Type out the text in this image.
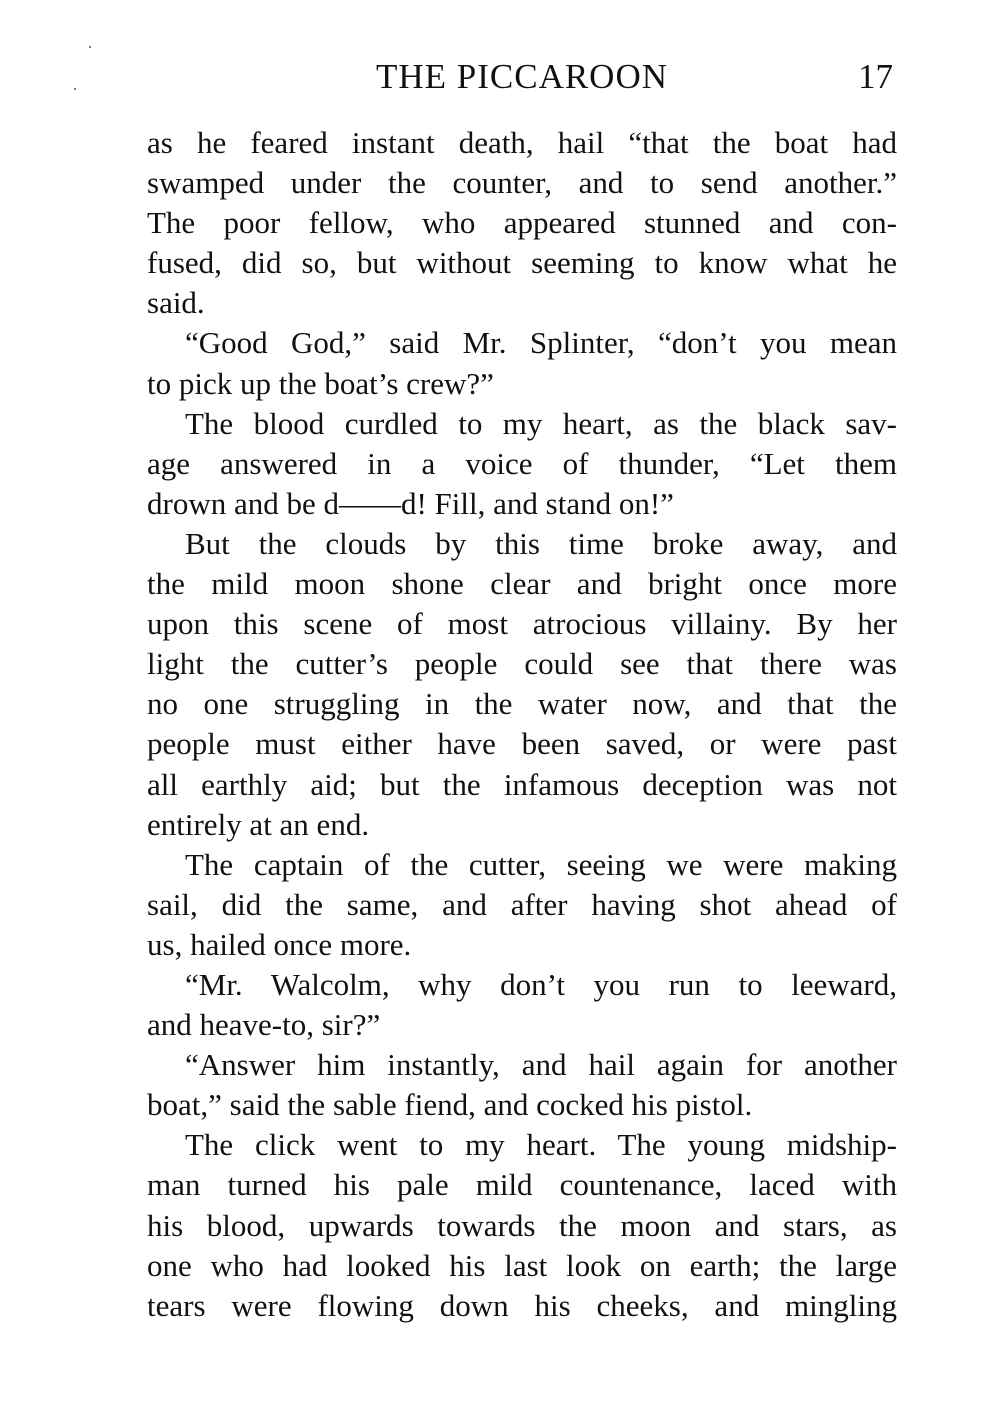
THE PICCAROON	17
as he feared instant death, hail “that the boat had
swamped under the counter, and to send another.”
The poor fellow, who appeared stunned and con-
fused, did so, but without seeming to know what he
said.
“Good God,” said Mr. Splinter, “don’t you mean
to pick up the boat’s crew?”
The blood curdled to my heart, as the black sav-
age answered in a voice of thunder, “Let them
drown and be d——d! Fill, and stand on!”
But the clouds by this time broke away, and
the mild moon shone clear and bright once more
upon this scene of most atrocious villainy. By her
light the cutter’s people could see that there was
no one struggling in the water now, and that the
people must either have been saved, or were past
all earthly aid; but the infamous deception was not
entirely at an end.
The captain of the cutter, seeing we were making
sail, did the same, and after having shot ahead of
us, hailed once more.
“Mr. Walcolm, why don’t you run to leeward,
and heave-to, sir?”
“Answer him instantly, and hail again for another
boat,” said the sable fiend, and cocked his pistol.
The click went to my heart. The young midship-
man turned his pale mild countenance, laced with
his blood, upwards towards the moon and stars, as
one who had looked his last look on earth; the large
tears were flowing down his cheeks, and mingling
